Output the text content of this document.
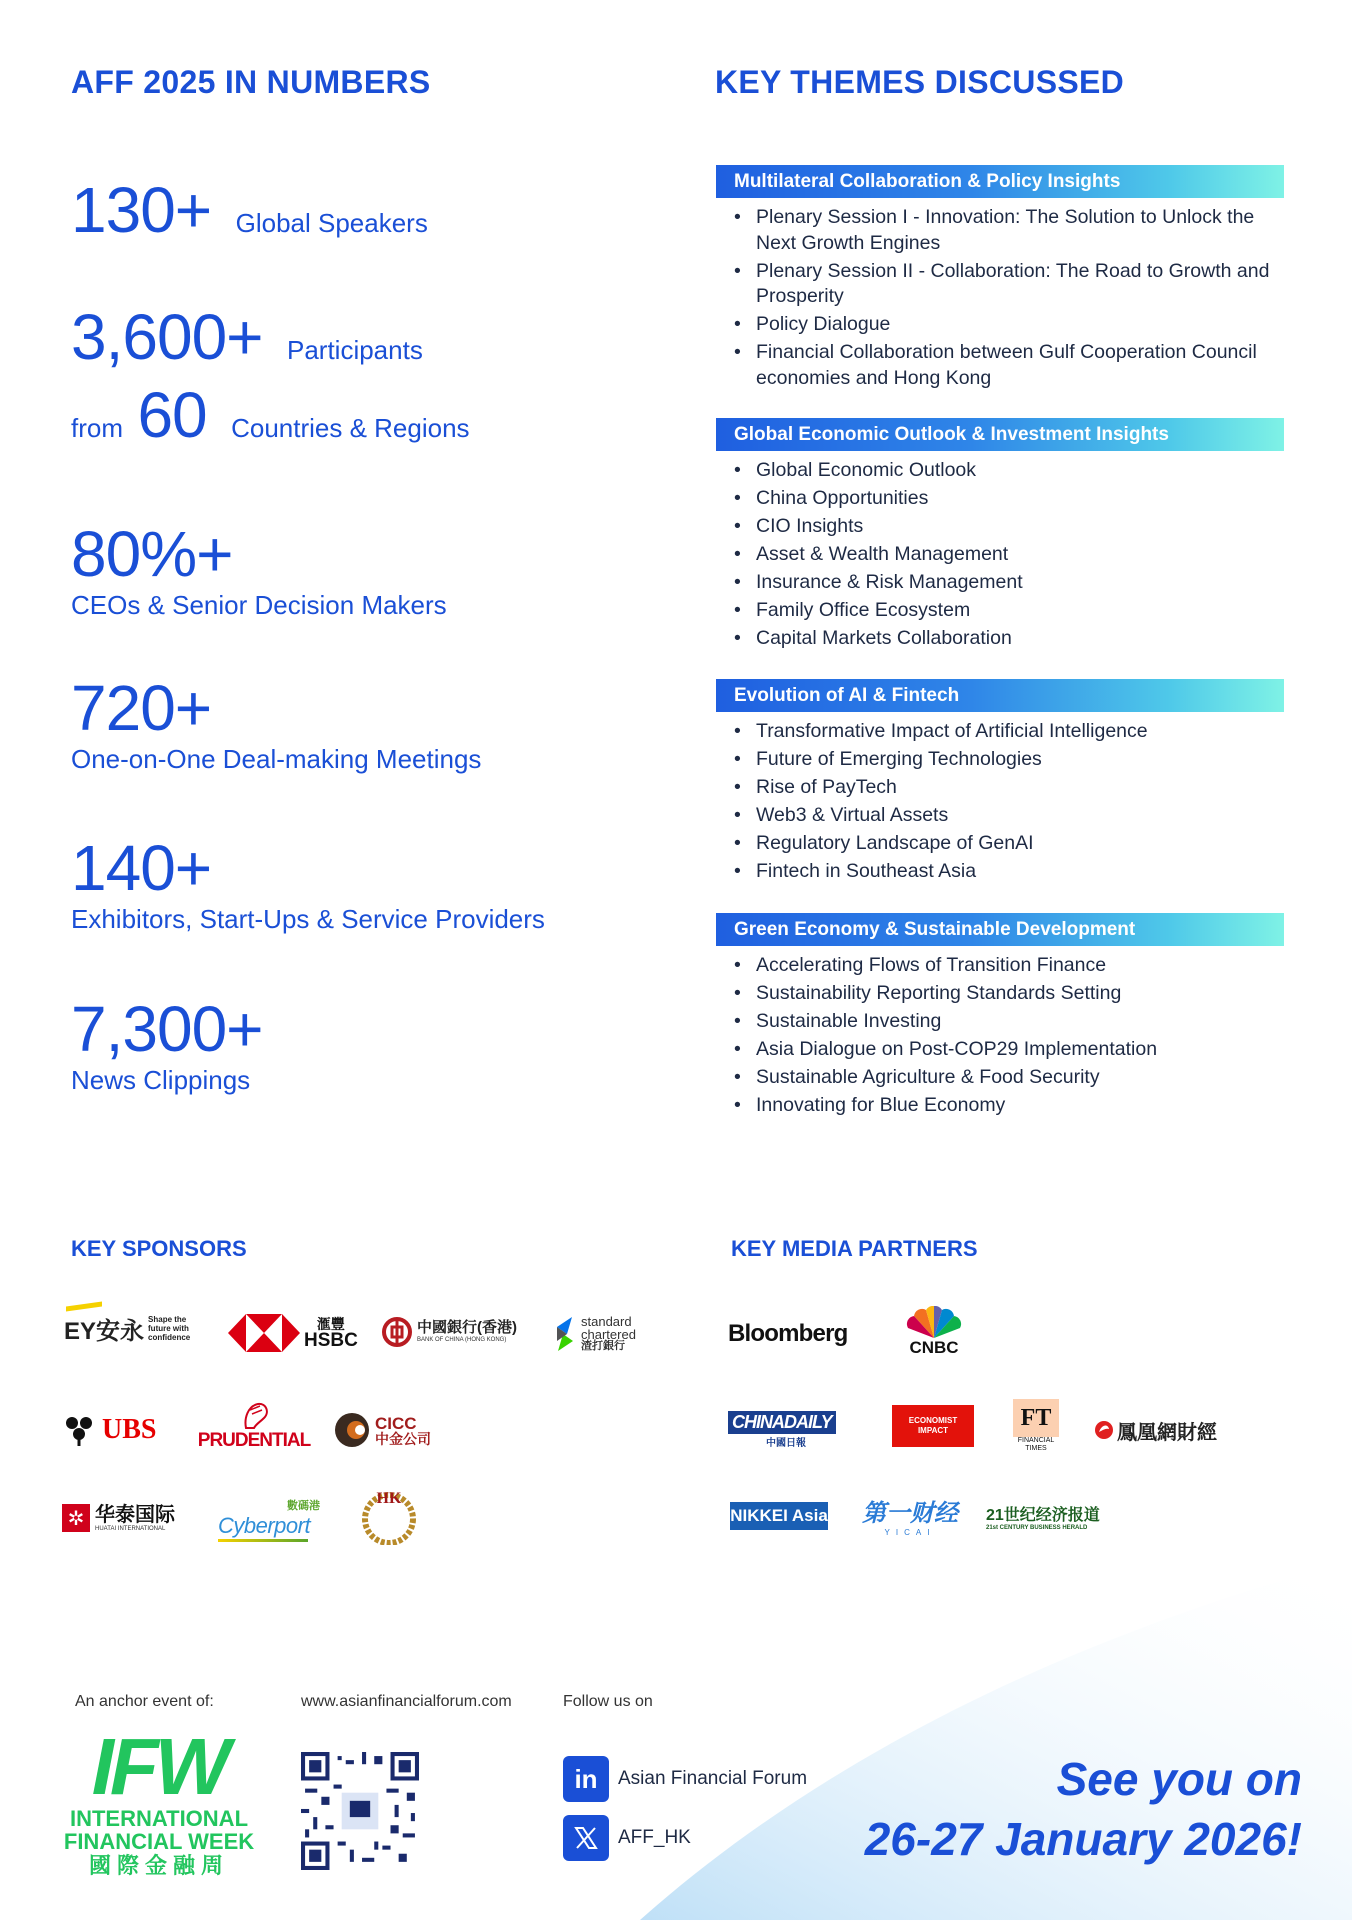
AFF 2025 IN NUMBERS
130+ Global Speakers
3,600+ Participants
from 60 Countries & Regions
80%+
CEOs & Senior Decision Makers
720+
One-on-One Deal-making Meetings
140+
Exhibitors, Start-Ups & Service Providers
7,300+
News Clippings
KEY THEMES DISCUSSED
Multilateral Collaboration & Policy Insights
• Plenary Session I - Innovation: The Solution to Unlock the Next Growth Engines
• Plenary Session II - Collaboration: The Road to Growth and Prosperity
• Policy Dialogue
• Financial Collaboration between Gulf Cooperation Council economies and Hong Kong
Global Economic Outlook & Investment Insights
• Global Economic Outlook
• China Opportunities
• CIO Insights
• Asset & Wealth Management
• Insurance & Risk Management
• Family Office Ecosystem
• Capital Markets Collaboration
Evolution of AI & Fintech
• Transformative Impact of Artificial Intelligence
• Future of Emerging Technologies
• Rise of PayTech
• Web3 & Virtual Assets
• Regulatory Landscape of GenAI
• Fintech in Southeast Asia
Green Economy & Sustainable Development
• Accelerating Flows of Transition Finance
• Sustainability Reporting Standards Setting
• Sustainable Investing
• Asia Dialogue on Post-COP29 Implementation
• Sustainable Agriculture & Food Security
• Innovating for Blue Economy
KEY SPONSORS
EY安永 Shape the future with confidence
滙豐
HSBC
中國銀行(香港)
BANK OF CHINA (HONG KONG)
standard chartered
渣打銀行
UBS PRUDENTIAL
CICC
中金公司
✲ 华泰国际
HUATAI INTERNATIONAL
數碼港
Cyberport
HK
KEY MEDIA PARTNERS
Bloomberg
CNBC
CHINADAILY
中國日報
ECONOMIST IMPACT	FT
FINANCIAL TIMES
鳳凰網財經
NIKKEI Asia 第一财经
YICAI
21世纪经济报道
21st CENTURY BUSINESS HERALD
An anchor event of:	www.asianfinancialforum.com	Follow us on
IFW
INTERNATIONAL
FINANCIAL WEEK
國際金融周
in	Asian Financial Forum
AFF_HK
See you on
26-27 January 2026!
